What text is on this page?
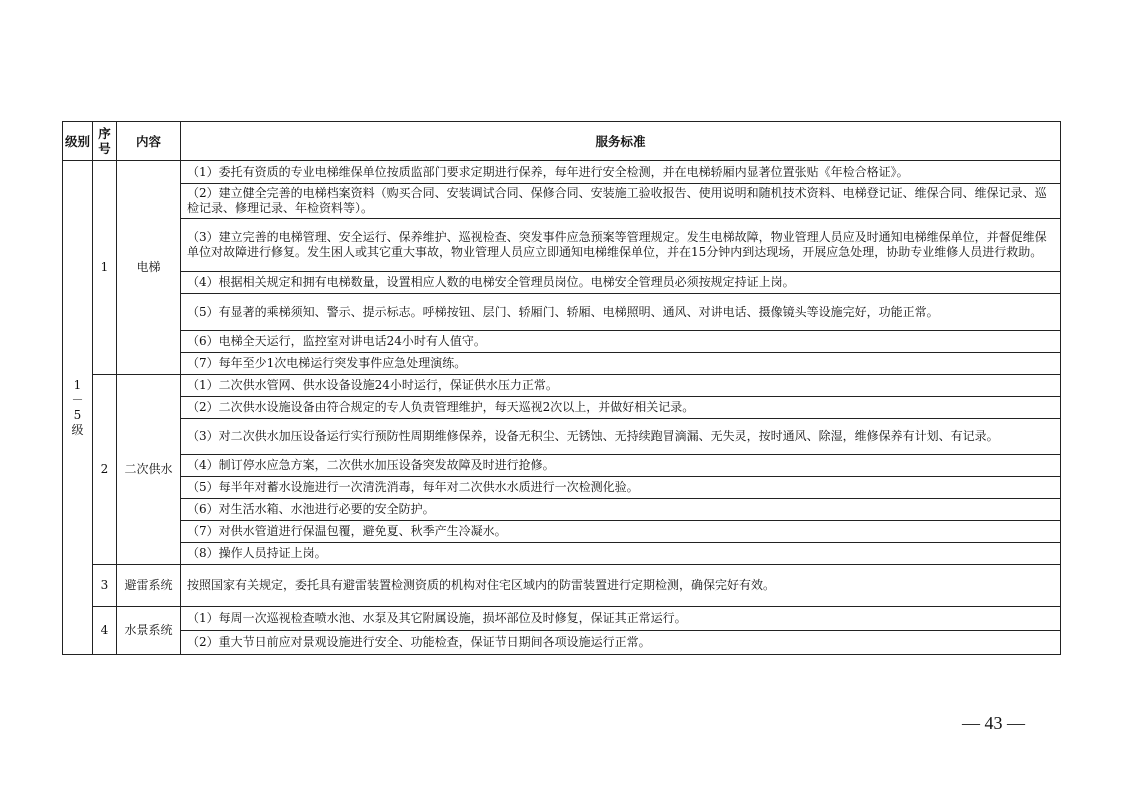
级别	序号	内容	服务标准
1－5级	1	电梯	（1）委托有资质的专业电梯维保单位按质监部门要求定期进行保养，每年进行安全检测，并在电梯轿厢内显著位置张贴《年检合格证》。
			（2）建立健全完善的电梯档案资料（购买合同、安装调试合同、保修合同、安装施工验收报告、使用说明和随机技术资料、电梯登记证、维保合同、维保记录、巡检记录、修理记录、年检资料等）。
			（3）建立完善的电梯管理、安全运行、保养维护、巡视检查、突发事件应急预案等管理规定。发生电梯故障，物业管理人员应及时通知电梯维保单位，并督促维保单位对故障进行修复。发生困人或其它重大事故，物业管理人员应立即通知电梯维保单位，并在15分钟内到达现场，开展应急处理，协助专业维修人员进行救助。
			（4）根据相关规定和拥有电梯数量，设置相应人数的电梯安全管理员岗位。电梯安全管理员必须按规定持证上岗。
			（5）有显著的乘梯须知、警示、提示标志。呼梯按钮、层门、轿厢门、轿厢、电梯照明、通风、对讲电话、摄像镜头等设施完好，功能正常。
			（6）电梯全天运行，监控室对讲电话24小时有人值守。
			（7）每年至少1次电梯运行突发事件应急处理演练。
	2	二次供水	（1）二次供水管网、供水设备设施24小时运行，保证供水压力正常。
			（2）二次供水设施设备由符合规定的专人负责管理维护，每天巡视2次以上，并做好相关记录。
			（3）对二次供水加压设备运行实行预防性周期维修保养，设备无积尘、无锈蚀、无持续跑冒滴漏、无失灵，按时通风、除湿，维修保养有计划、有记录。
			（4）制订停水应急方案，二次供水加压设备突发故障及时进行抢修。
			（5）每半年对蓄水设施进行一次清洗消毒，每年对二次供水水质进行一次检测化验。
			（6）对生活水箱、水池进行必要的安全防护。
			（7）对供水管道进行保温包覆，避免夏、秋季产生冷凝水。
			（8）操作人员持证上岗。
	3	避雷系统	按照国家有关规定，委托具有避雷装置检测资质的机构对住宅区域内的防雷装置进行定期检测，确保完好有效。
	4	水景系统	（1）每周一次巡视检查喷水池、水泵及其它附属设施，损坏部位及时修复，保证其正常运行。
			（2）重大节日前应对景观设施进行安全、功能检查，保证节日期间各项设施运行正常。
— 43 —
